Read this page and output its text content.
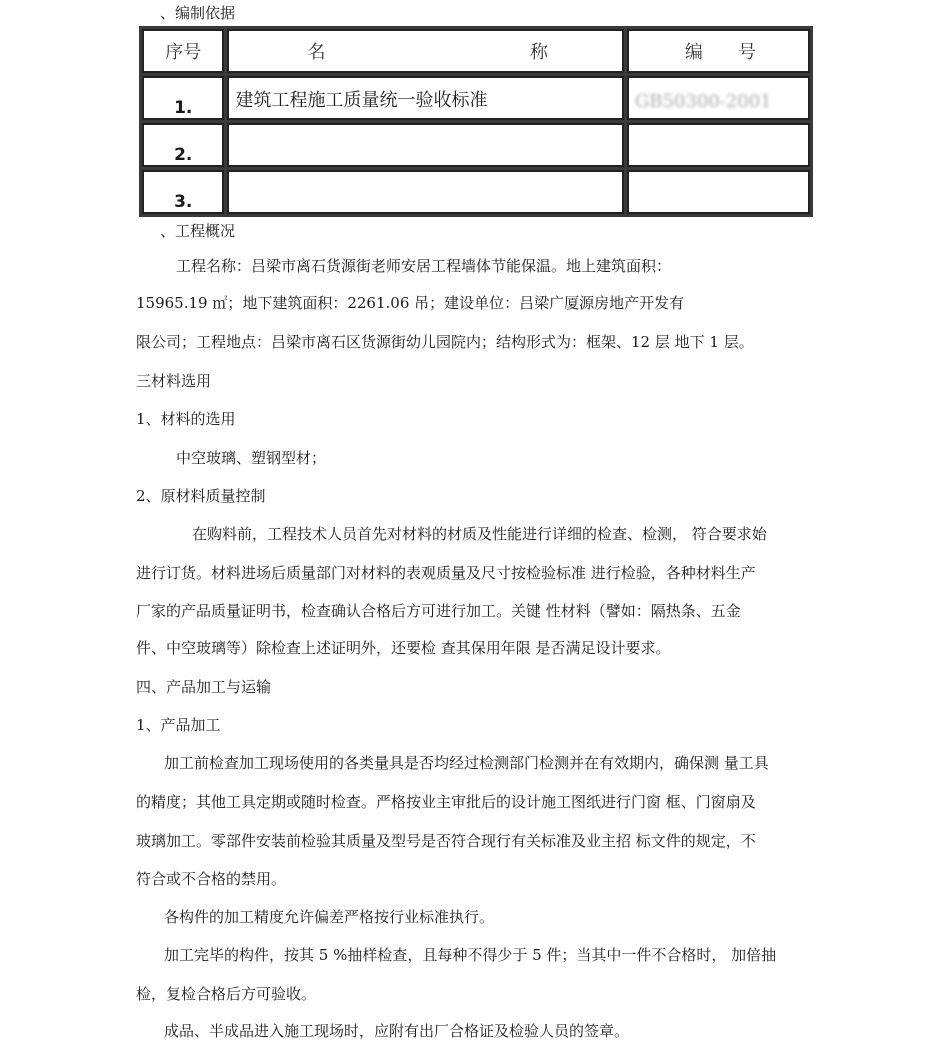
、编制依据
序号	名 称	编 号

1.	建筑工程施工质量统一验收标准	GB50300-2001

2.	

3.	

、工程概况
工程名称：吕梁市离石货源街老师安居工程墙体节能保温。地上建筑面积：
15965.19 ㎡；地下建筑面积：2261.06 吊；建设单位：吕梁广厦源房地产开发有
限公司；工程地点：吕梁市离石区货源街幼儿园院内；结构形式为：框架、12 层 地下 1 层。
三材料选用
1、材料的选用
中空玻璃、塑钢型材；
2、原材料质量控制
在购料前，工程技术人员首先对材料的材质及性能进行详细的检查、检测， 符合要求始
进行订货。材料进场后质量部门对材料的表观质量及尺寸按检验标准 进行检验，各种材料生产
厂家的产品质量证明书，检查确认合格后方可进行加工。关键 性材料（譬如：隔热条、五金
件、中空玻璃等）除检查上述证明外，还要检 查其保用年限 是否满足设计要求。
四、产品加工与运输
1、产品加工
加工前检查加工现场使用的各类量具是否均经过检测部门检测并在有效期内，确保测 量工具
的精度；其他工具定期或随时检查。严格按业主审批后的设计施工图纸进行门窗 框、门窗扇及
玻璃加工。零部件安装前检验其质量及型号是否符合现行有关标准及业主招 标文件的规定，不
符合或不合格的禁用。
各构件的加工精度允许偏差严格按行业标准执行。
加工完毕的构件，按其 5 %抽样检查，且每种不得少于 5 件；当其中一件不合格时， 加倍抽
检，复检合格后方可验收。
成品、半成品进入施工现场时，应附有出厂合格证及检验人员的签章。
